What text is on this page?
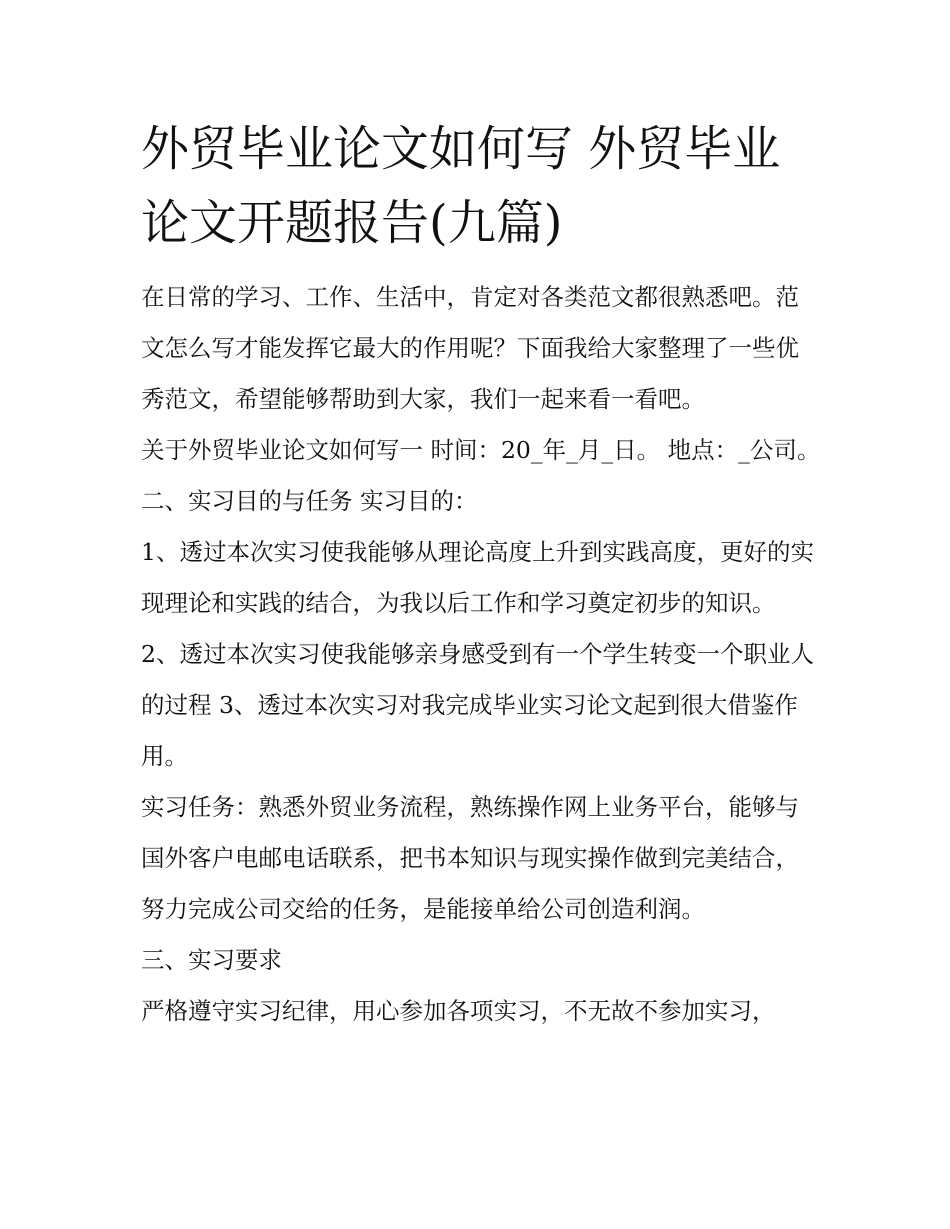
外贸毕业论文如何写 外贸毕业
论文开题报告(九篇)

在日常的学习、工作、生活中，肯定对各类范文都很熟悉吧。范文怎么写才能发挥它最大的作用呢？下面我给大家整理了一些优秀范文，希望能够帮助到大家，我们一起来看一看吧。

关于外贸毕业论文如何写一 时间：20_年_月_日。 地点：_公司。 二、实习目的与任务 实习目的：

1、透过本次实习使我能够从理论高度上升到实践高度，更好的实现理论和实践的结合，为我以后工作和学习奠定初步的知识。

2、透过本次实习使我能够亲身感受到有一个学生转变一个职业人的过程 3、透过本次实习对我完成毕业实习论文起到很大借鉴作用。

实习任务：熟悉外贸业务流程，熟练操作网上业务平台，能够与国外客户电邮电话联系，把书本知识与现实操作做到完美结合，努力完成公司交给的任务，是能接单给公司创造利润。

三、实习要求

严格遵守实习纪律，用心参加各项实习，不无故不参加实习，
